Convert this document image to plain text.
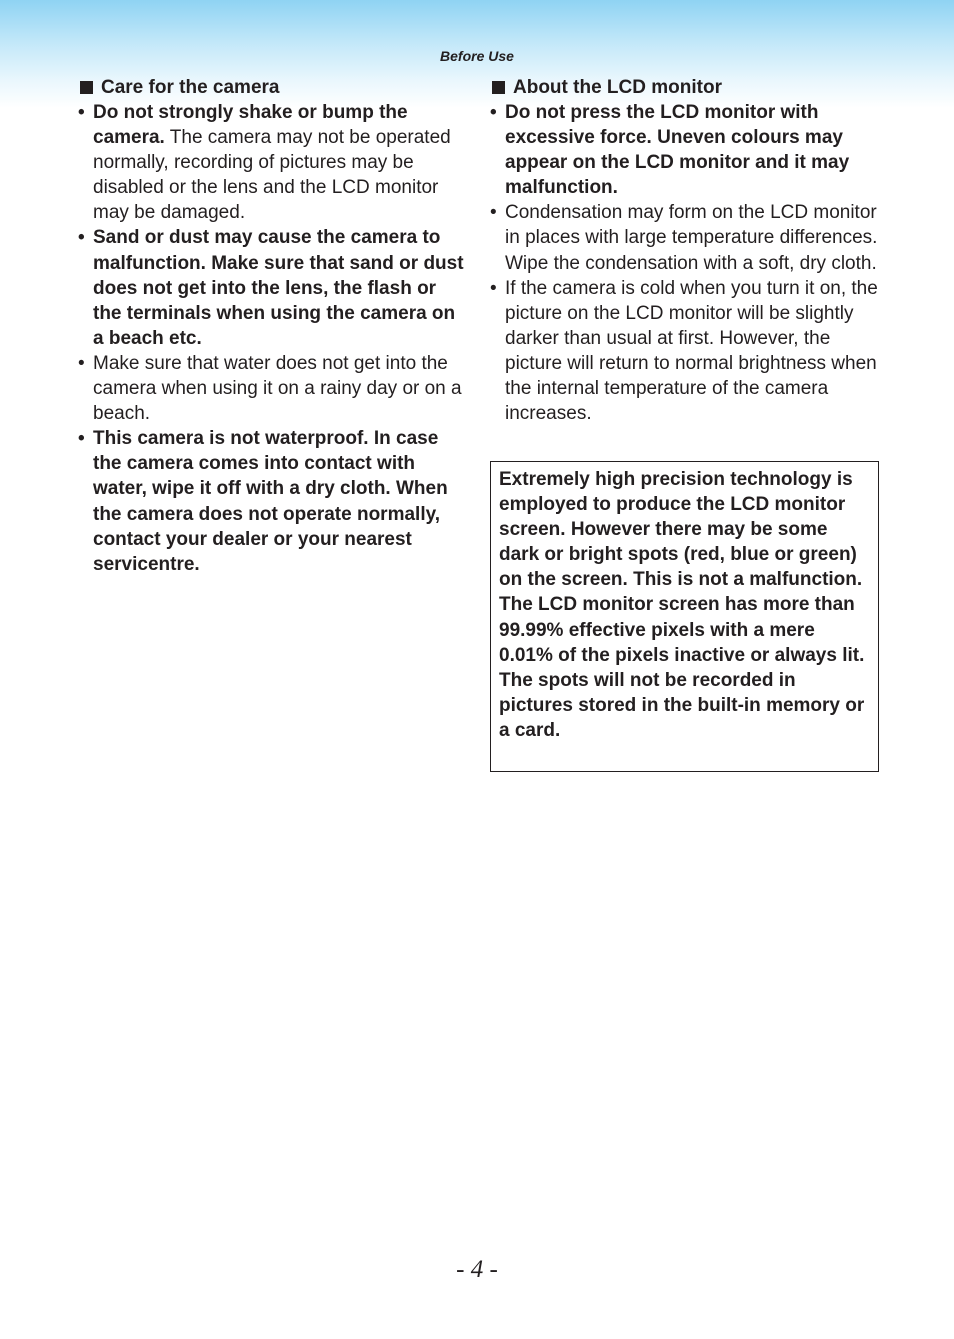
Before Use
Care for the camera
• Do not strongly shake or bump the camera. The camera may not be operated normally, recording of pictures may be disabled or the lens and the LCD monitor may be damaged.
• Sand or dust may cause the camera to malfunction. Make sure that sand or dust does not get into the lens, the flash or the terminals when using the camera on a beach etc.
• Make sure that water does not get into the camera when using it on a rainy day or on a beach.
• This camera is not waterproof. In case the camera comes into contact with water, wipe it off with a dry cloth. When the camera does not operate normally, contact your dealer or your nearest servicentre.
About the LCD monitor
• Do not press the LCD monitor with excessive force. Uneven colours may appear on the LCD monitor and it may malfunction.
• Condensation may form on the LCD monitor in places with large temperature differences. Wipe the condensation with a soft, dry cloth.
• If the camera is cold when you turn it on, the picture on the LCD monitor will be slightly darker than usual at first. However, the picture will return to normal brightness when the internal temperature of the camera increases.
Extremely high precision technology is employed to produce the LCD monitor screen. However there may be some dark or bright spots (red, blue or green) on the screen. This is not a malfunction. The LCD monitor screen has more than 99.99% effective pixels with a mere 0.01% of the pixels inactive or always lit.
The spots will not be recorded in pictures stored in the built-in memory or a card.
- 4 -
